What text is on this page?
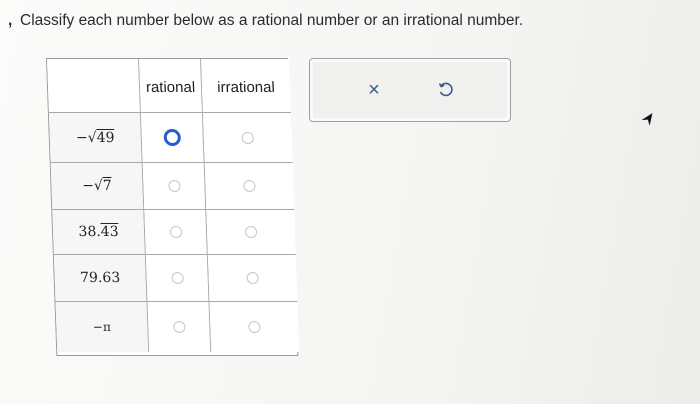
, Classify each number below as a rational number or an irrational number.
rational	irrational
− √ 49
− √ 7
38. 43
79.63
− π
×
